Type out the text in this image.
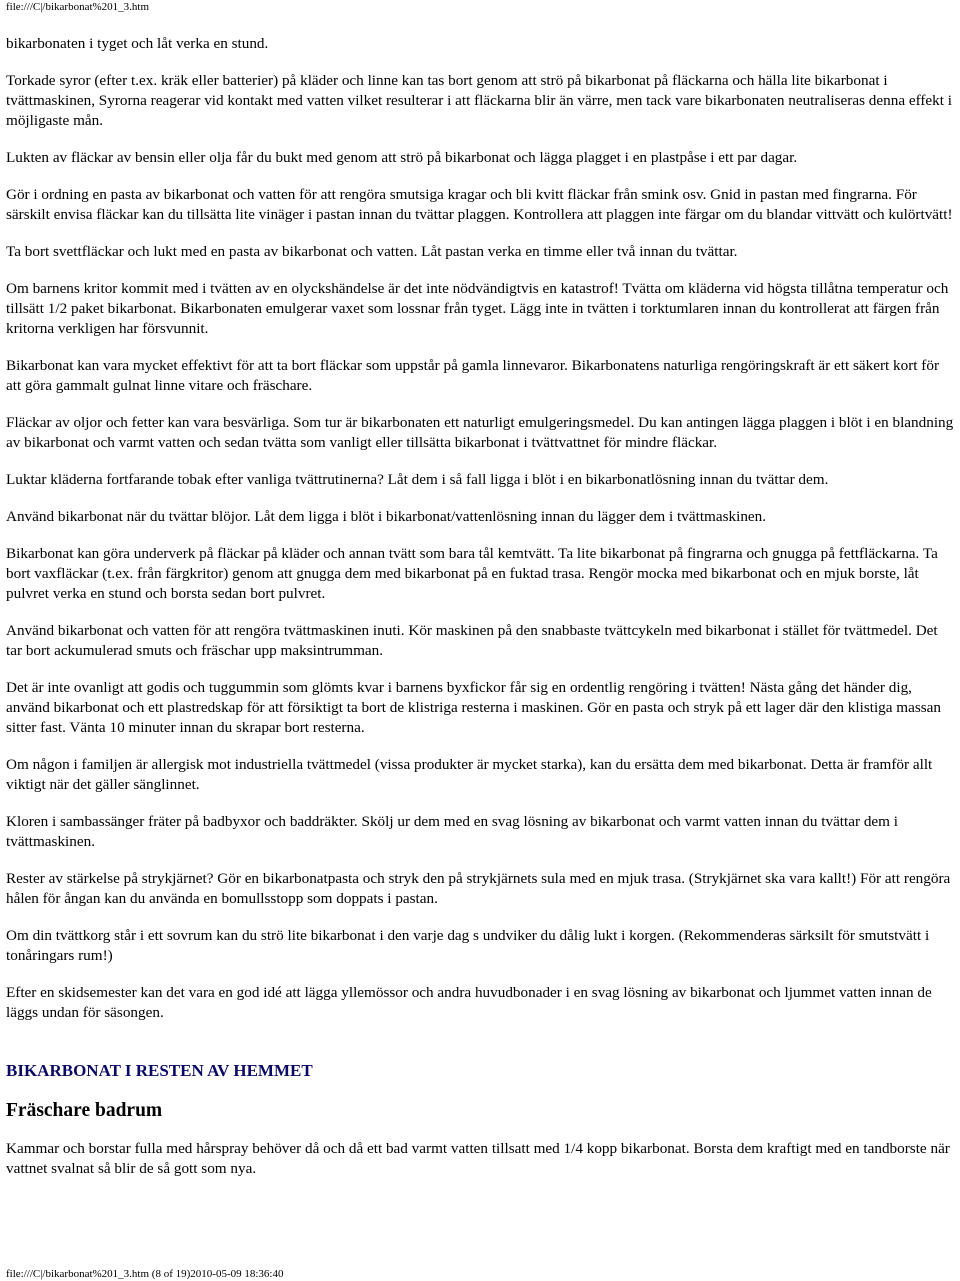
file:///C|/bikarbonat%201_3.htm

bikarbonaten i tyget och låt verka en stund.

Torkade syror (efter t.ex. kräk eller batterier) på kläder och linne kan tas bort genom att strö på bikarbonat på fläckarna och hälla lite bikarbonat i tvättmaskinen, Syrorna reagerar vid kontakt med vatten vilket resulterar i att fläckarna blir än värre, men tack vare bikarbonaten neutraliseras denna effekt i möjligaste mån.

Lukten av fläckar av bensin eller olja får du bukt med genom att strö på bikarbonat och lägga plagget i en plastpåse i ett par dagar.

Gör i ordning en pasta av bikarbonat och vatten för att rengöra smutsiga kragar och bli kvitt fläckar från smink osv. Gnid in pastan med fingrarna. För särskilt envisa fläckar kan du tillsätta lite vinäger i pastan innan du tvättar plaggen. Kontrollera att plaggen inte färgar om du blandar vittvätt och kulörtvätt!

Ta bort svettfläckar och lukt med en pasta av bikarbonat och vatten. Låt pastan verka en timme eller två innan du tvättar.

Om barnens kritor kommit med i tvätten av en olyckshändelse är det inte nödvändigtvis en katastrof! Tvätta om kläderna vid högsta tillåtna temperatur och tillsätt 1/2 paket bikarbonat. Bikarbonaten emulgerar vaxet som lossnar från tyget. Lägg inte in tvätten i torktumlaren innan du kontrollerat att färgen från kritorna verkligen har försvunnit.

Bikarbonat kan vara mycket effektivt för att ta bort fläckar som uppstår på gamla linnevaror. Bikarbonatens naturliga rengöringskraft är ett säkert kort för att göra gammalt gulnat linne vitare och fräschare.

Fläckar av oljor och fetter kan vara besvärliga. Som tur är bikarbonaten ett naturligt emulgeringsmedel. Du kan antingen lägga plaggen i blöt i en blandning av bikarbonat och varmt vatten och sedan tvätta som vanligt eller tillsätta bikarbonat i tvättvattnet för mindre fläckar.

Luktar kläderna fortfarande tobak efter vanliga tvättrutinerna? Låt dem i så fall ligga i blöt i en bikarbonatlösning innan du tvättar dem.

Använd bikarbonat när du tvättar blöjor. Låt dem ligga i blöt i bikarbonat/vattenlösning innan du lägger dem i tvättmaskinen.

Bikarbonat kan göra underverk på fläckar på kläder och annan tvätt som bara tål kemtvätt. Ta lite bikarbonat på fingrarna och gnugga på fettfläckarna. Ta bort vaxfläckar (t.ex. från färgkritor) genom att gnugga dem med bikarbonat på en fuktad trasa. Rengör mocka med bikarbonat och en mjuk borste, låt pulvret verka en stund och borsta sedan bort pulvret.

Använd bikarbonat och vatten för att rengöra tvättmaskinen inuti. Kör maskinen på den snabbaste tvättcykeln med bikarbonat i stället för tvättmedel. Det tar bort ackumulerad smuts och fräschar upp maksintrumman.

Det är inte ovanligt att godis och tuggummin som glömts kvar i barnens byxfickor får sig en ordentlig rengöring i tvätten! Nästa gång det händer dig, använd bikarbonat och ett plastredskap för att försiktigt ta bort de klistriga resterna i maskinen. Gör en pasta och stryk på ett lager där den klistiga massan sitter fast. Vänta 10 minuter innan du skrapar bort resterna.

Om någon i familjen är allergisk mot industriella tvättmedel (vissa produkter är mycket starka), kan du ersätta dem med bikarbonat. Detta är framför allt viktigt när det gäller sänglinnet.

Kloren i sambassänger fräter på badbyxor och baddräkter. Skölj ur dem med en svag lösning av bikarbonat och varmt vatten innan du tvättar dem i tvättmaskinen.

Rester av stärkelse på strykjärnet? Gör en bikarbonatpasta och stryk den på strykjärnets sula med en mjuk trasa. (Strykjärnet ska vara kallt!) För att rengöra hålen för ångan kan du använda en bomullsstopp som doppats i pastan.

Om din tvättkorg står i ett sovrum kan du strö lite bikarbonat i den varje dag s undviker du dålig lukt i korgen. (Rekommenderas särksilt för smutstvätt i tonåringars rum!)

Efter en skidsemester kan det vara en god idé att lägga yllemössor och andra huvudbonader i en svag lösning av bikarbonat och ljummet vatten innan de läggs undan för säsongen.

BIKARBONAT I RESTEN AV HEMMET
Fräschare badrum

Kammar och borstar fulla med hårspray behöver då och då ett bad varmt vatten tillsatt med 1/4 kopp bikarbonat. Borsta dem kraftigt med en tandborste när vattnet svalnat så blir de så gott som nya.

file:///C|/bikarbonat%201_3.htm (8 of 19)2010-05-09 18:36:40
